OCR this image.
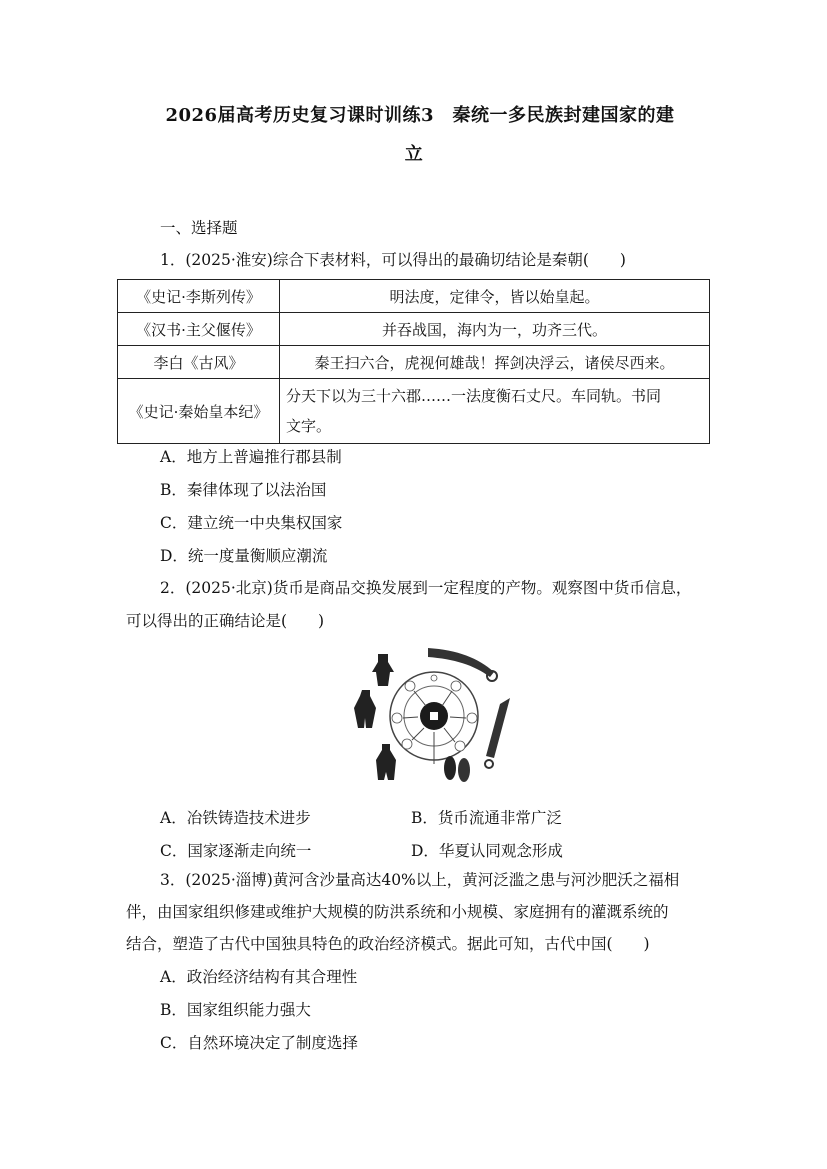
2026届高考历史复习课时训练3　秦统一多民族封建国家的建
立
一、选择题
1．(2025·淮安)综合下表材料，可以得出的最确切结论是秦朝(　　)
《史记·李斯列传》	明法度，定律令，皆以始皇起。
《汉书·主父偃传》	并吞战国，海内为一，功齐三代。
李白《古风》	秦王扫六合，虎视何雄哉！挥剑决浮云，诸侯尽西来。
《史记·秦始皇本纪》	分天下以为三十六郡……一法度衡石丈尺。车同轨。书同
文字。
A．地方上普遍推行郡县制
B．秦律体现了以法治国
C．建立统一中央集权国家
D．统一度量衡顺应潮流
2．(2025·北京)货币是商品交换发展到一定程度的产物。观察图中货币信息，
可以得出的正确结论是(　　)
A．冶铁铸造技术进步	B．货币流通非常广泛
C．国家逐渐走向统一	D．华夏认同观念形成
3．(2025·淄博)黄河含沙量高达40%以上，黄河泛滥之患与河沙肥沃之福相
伴，由国家组织修建或维护大规模的防洪系统和小规模、家庭拥有的灌溉系统的
结合，塑造了古代中国独具特色的政治经济模式。据此可知，古代中国(　　)
A．政治经济结构有其合理性
B．国家组织能力强大
C．自然环境决定了制度选择
